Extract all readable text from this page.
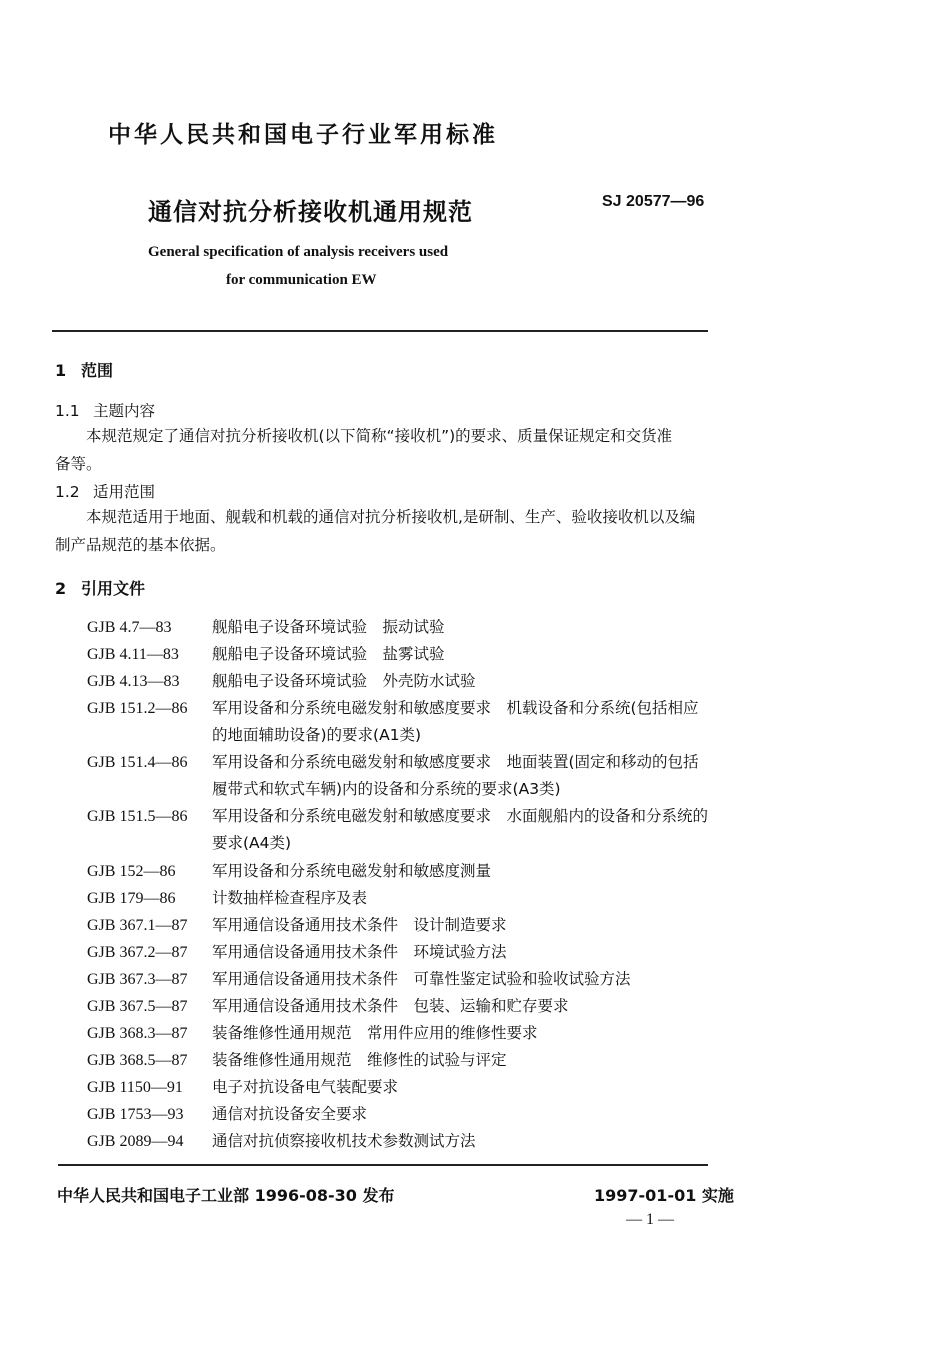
中华人民共和国电子行业军用标准
通信对抗分析接收机通用规范	SJ 20577—96
General specification of analysis receivers used
for communication EW
1 范围
1.1 主题内容
本规范规定了通信对抗分析接收机(以下简称“接收机”)的要求、质量保证规定和交货准
备等。
1.2 适用范围
本规范适用于地面、舰载和机载的通信对抗分析接收机,是研制、生产、验收接收机以及编
制产品规范的基本依据。
2 引用文件
GJB 4.7—83	舰船电子设备环境试验　振动试验
GJB 4.11—83 舰船电子设备环境试验　盐雾试验
GJB 4.13—83 舰船电子设备环境试验　外壳防水试验
GJB 151.2—86 军用设备和分系统电磁发射和敏感度要求　机载设备和分系统(包括相应的地面辅助设备)的要求(A1类)
GJB 151.4—86 军用设备和分系统电磁发射和敏感度要求　地面装置(固定和移动的包括履带式和软式车辆)内的设备和分系统的要求(A3类)
GJB 151.5—86 军用设备和分系统电磁发射和敏感度要求　水面舰船内的设备和分系统的要求(A4类)
GJB 152—86 军用设备和分系统电磁发射和敏感度测量
GJB 179—86 计数抽样检查程序及表
GJB 367.1—87 军用通信设备通用技术条件　设计制造要求
GJB 367.2—87 军用通信设备通用技术条件　环境试验方法
GJB 367.3—87 军用通信设备通用技术条件　可靠性鉴定试验和验收试验方法
GJB 367.5—87 军用通信设备通用技术条件　包装、运输和贮存要求
GJB 368.3—87 装备维修性通用规范　常用件应用的维修性要求
GJB 368.5—87 装备维修性通用规范　维修性的试验与评定
GJB 1150—91 电子对抗设备电气装配要求
GJB 1753—93 通信对抗设备安全要求
GJB 2089—94 通信对抗侦察接收机技术参数测试方法
中华人民共和国电子工业部 1996-08-30 发布	1997-01-01 实施
— 1 —
